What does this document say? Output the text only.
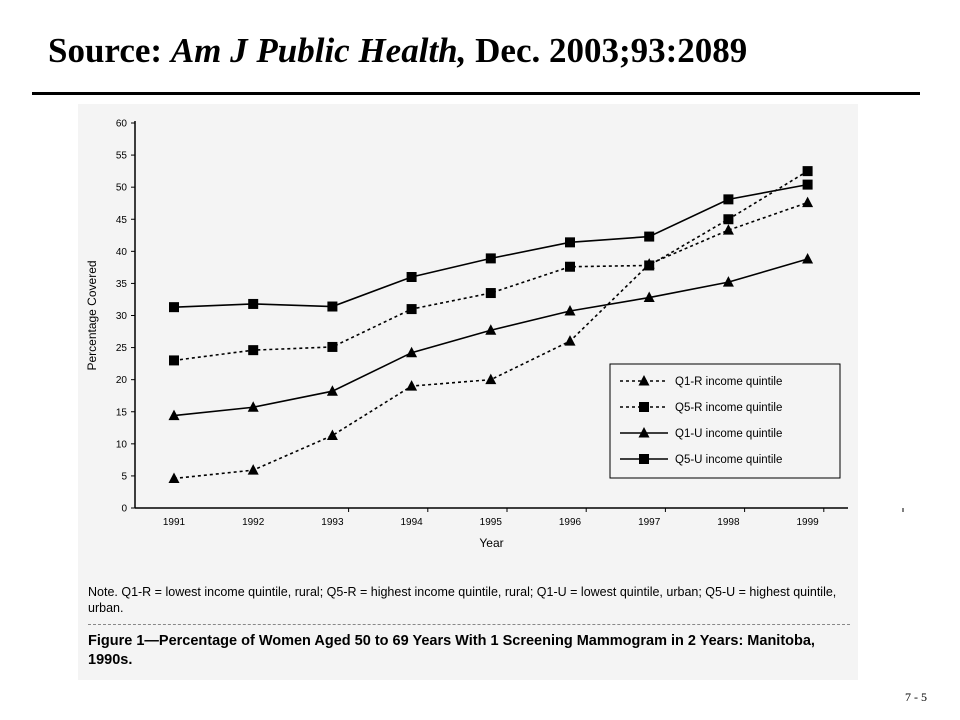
Source: Am J Public Health, Dec. 2003;93:2089
0
5
10
15
20
25
30
35
40
45
50
55
60
1991	1992	1993	1994	1995	1996	1997	1998	1999
Year
Percentage Covered
Q1-R income quintile
Q5-R income quintile
Q1-U income quintile
Q5-U income quintile
Note. Q1-R = lowest income quintile, rural; Q5-R = highest income quintile, rural; Q1-U = lowest quintile, urban; Q5-U = highest quintile, urban.
Figure 1—Percentage of Women Aged 50 to 69 Years With 1 Screening Mammogram in 2 Years: Manitoba, 1990s.
7 - 5
